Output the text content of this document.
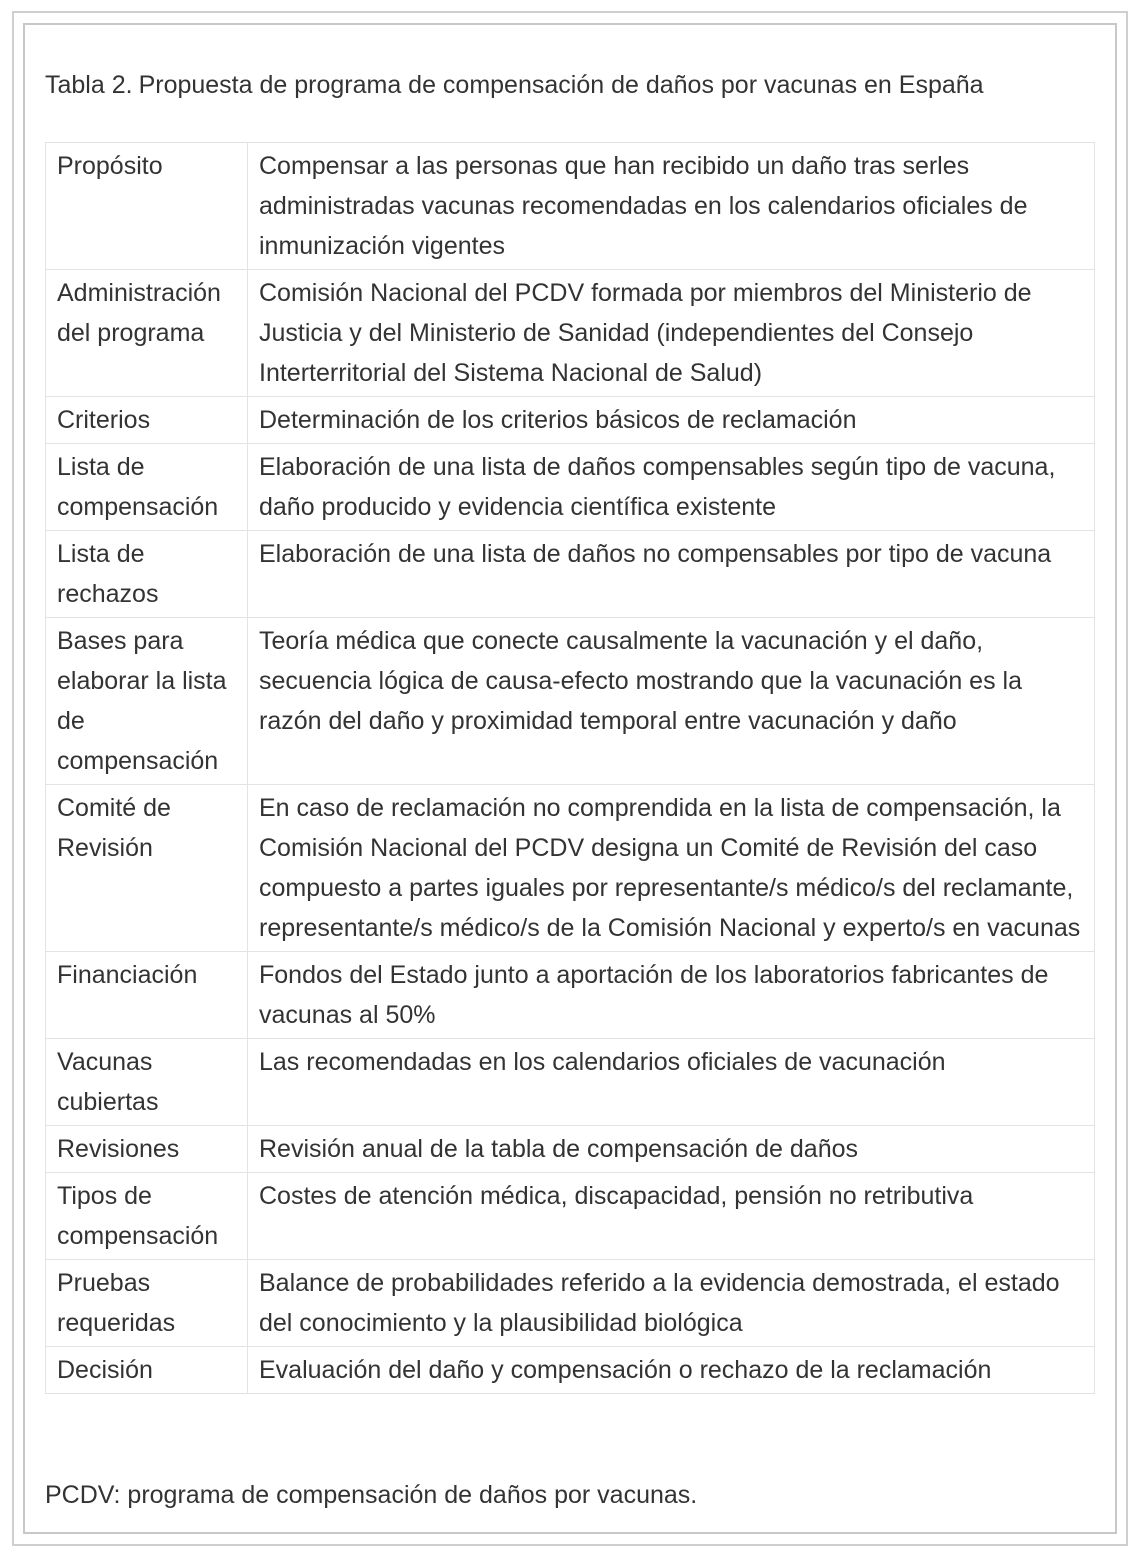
Tabla 2. Propuesta de programa de compensación de daños por vacunas en España
Propósito	Compensar a las personas que han recibido un daño tras serles administradas vacunas recomendadas en los calendarios oficiales de inmunización vigentes
Administración del programa	Comisión Nacional del PCDV formada por miembros del Ministerio de Justicia y del Ministerio de Sanidad (independientes del Consejo Interterritorial del Sistema Nacional de Salud)
Criterios	Determinación de los criterios básicos de reclamación
Lista de compensación	Elaboración de una lista de daños compensables según tipo de vacuna, daño producido y evidencia científica existente
Lista de rechazos	Elaboración de una lista de daños no compensables por tipo de vacuna
Bases para elaborar la lista de compensación	Teoría médica que conecte causalmente la vacunación y el daño, secuencia lógica de causa-efecto mostrando que la vacunación es la razón del daño y proximidad temporal entre vacunación y daño
Comité de Revisión	En caso de reclamación no comprendida en la lista de compensación, la Comisión Nacional del PCDV designa un Comité de Revisión del caso compuesto a partes iguales por representante/s médico/s del reclamante, representante/s médico/s de la Comisión Nacional y experto/s en vacunas
Financiación	Fondos del Estado junto a aportación de los laboratorios fabricantes de vacunas al 50%
Vacunas cubiertas	Las recomendadas en los calendarios oficiales de vacunación
Revisiones	Revisión anual de la tabla de compensación de daños
Tipos de compensación	Costes de atención médica, discapacidad, pensión no retributiva
Pruebas requeridas	Balance de probabilidades referido a la evidencia demostrada, el estado del conocimiento y la plausibilidad biológica
Decisión	Evaluación del daño y compensación o rechazo de la reclamación
PCDV: programa de compensación de daños por vacunas.
